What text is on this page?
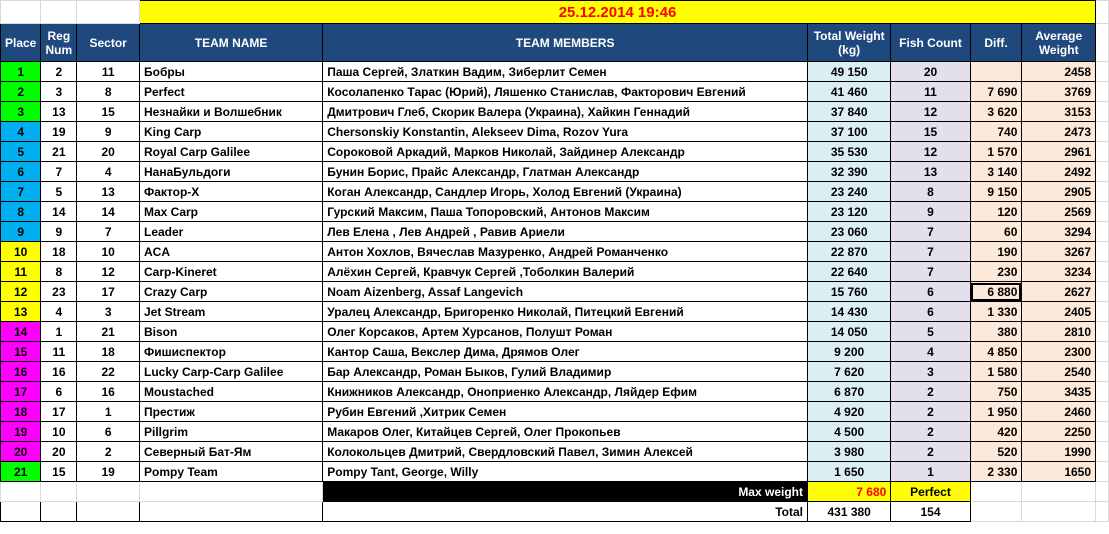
			25.12.2014 19:46						
Place	Reg Num	Sector	TEAM NAME	TEAM MEMBERS	Total Weight (kg)	Fish Count	Diff.	Average Weight	
1	2	11	Бобры	Паша Сергей, Златкин Вадим, Зиберлит Семен	49 150	20		2458	
2	3	8	Perfect	Косолапенко Тарас (Юрий), Ляшенко Станислав, Факторович Евгений	41 460	11	7 690	3769	
3	13	15	Незнайки и Волшебник	Дмитрович Глеб, Скорик Валера (Украина), Хайкин Геннадий	37 840	12	3 620	3153	
4	19	9	King Carp	Chersonskiy Konstantin, Alekseev Dima, Rozov Yura	37 100	15	740	2473	
5	21	20	Royal Carp Galilee	Сороковой Аркадий, Марков Николай, Зайдинер Александр	35 530	12	1 570	2961	
6	7	4	НанаБульдоги	Бунин Борис, Прайс Александр, Глатман Александр	32 390	13	3 140	2492	
7	5	13	Фактор-Х	Коган Александр, Сандлер Игорь, Холод Евгений (Украина)	23 240	8	9 150	2905	
8	14	14	Max Carp	Гурский Максим, Паша Топоровский, Антонов Максим	23 120	9	120	2569	
9	9	7	Leader	Лев Елена , Лев Андрей , Равив Ариели	23 060	7	60	3294	
10	18	10	ACA	Антон Хохлов, Вячеслав Мазуренко, Андрей Романченко	22 870	7	190	3267	
11	8	12	Carp-Kineret	Алёхин Сергей, Кравчук Сергей ,Тоболкин Валерий	22 640	7	230	3234	
12	23	17	Crazy Carp	Noam Aizenberg, Assaf Langevich	15 760	6	6 880	2627	
13	4	3	Jet Stream	Уралец Александр, Бригоренко Николай, Питецкий Евгений	14 430	6	1 330	2405	
14	1	21	Bison	Олег Корсаков, Артем Хурсанов, Полушт Роман	14 050	5	380	2810	
15	11	18	Фишиспектор	Кантор Саша, Векслер Дима, Дрямов Олег	9 200	4	4 850	2300	
16	16	22	Lucky Carp-Carp Galilee	Бар Александр, Роман Быков, Гулий Владимир	7 620	3	1 580	2540	
17	6	16	Moustached	Книжников Александр, Оноприенко Александр, Ляйдер Ефим	6 870	2	750	3435	
18	17	1	Престиж	Рубин Евгений ,Хитрик Семен	4 920	2	1 950	2460	
19	10	6	Pillgrim	Макаров Олег, Китайцев Сергей, Олег Прокопьев	4 500	2	420	2250	
20	20	2	Северный Бат-Ям	Колокольцев Дмитрий, Свердловский Павел, Зимин Алексей	3 980	2	520	1990	
21	15	19	Pompy Team	Pompy Tant, George, Willy	1 650	1	2 330	1650	
				Max weight	7 680	Perfect			
				Total	431 380	154			
